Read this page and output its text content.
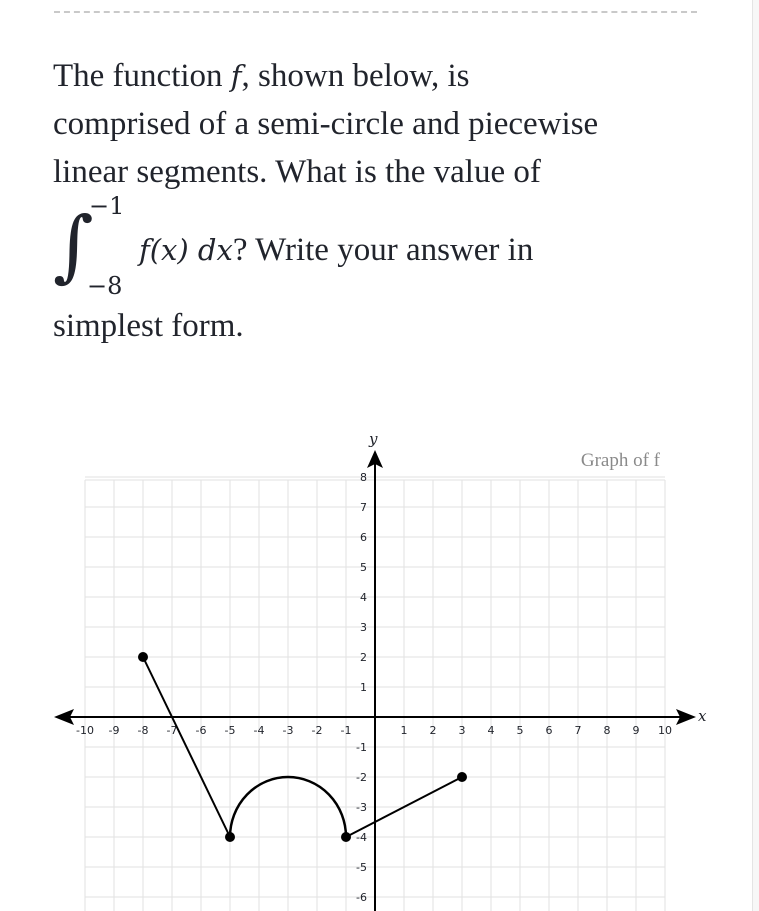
The function f, shown below, is

comprised of a semi-circle and piecewise

linear segments. What is the value of

∫
−1
−8
f(x) dx ? Write your answer in

simplest form.

-10 -9 -8 -7 -6 -5 -4 -3 -2 -1	1 2 3 4 5 6 7 8 9 10
8
7
6
5
4
3
2
1
-1
-2
-3
-4
-5
-6
Graph of f
x
y
